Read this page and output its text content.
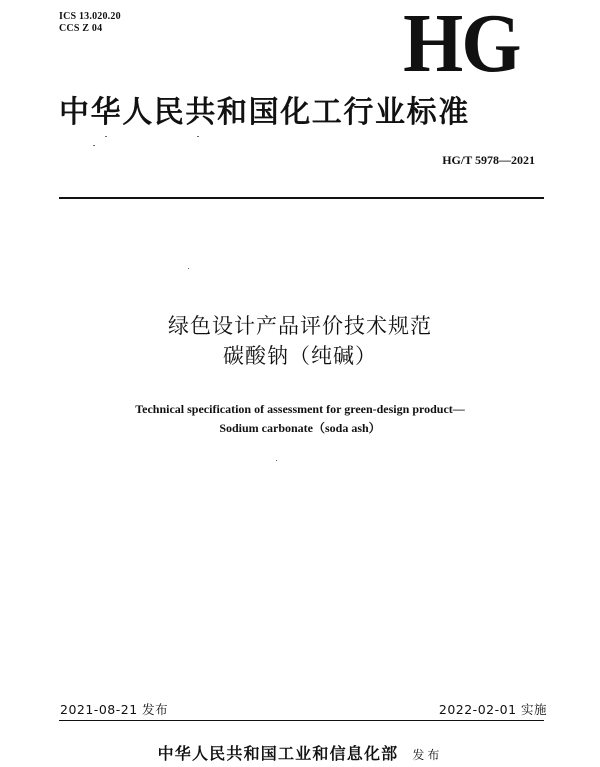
ICS 13.020.20
CCS Z 04	HG
中华人民共和国化工行业标准
HG/T 5978—2021
绿色设计产品评价技术规范
碳酸钠（纯碱）
Technical specification of assessment for green-design product—
Sodium carbonate（soda ash）
2021-08-21 发布	2022-02-01 实施
中华人民共和国工业和信息化部 发布
